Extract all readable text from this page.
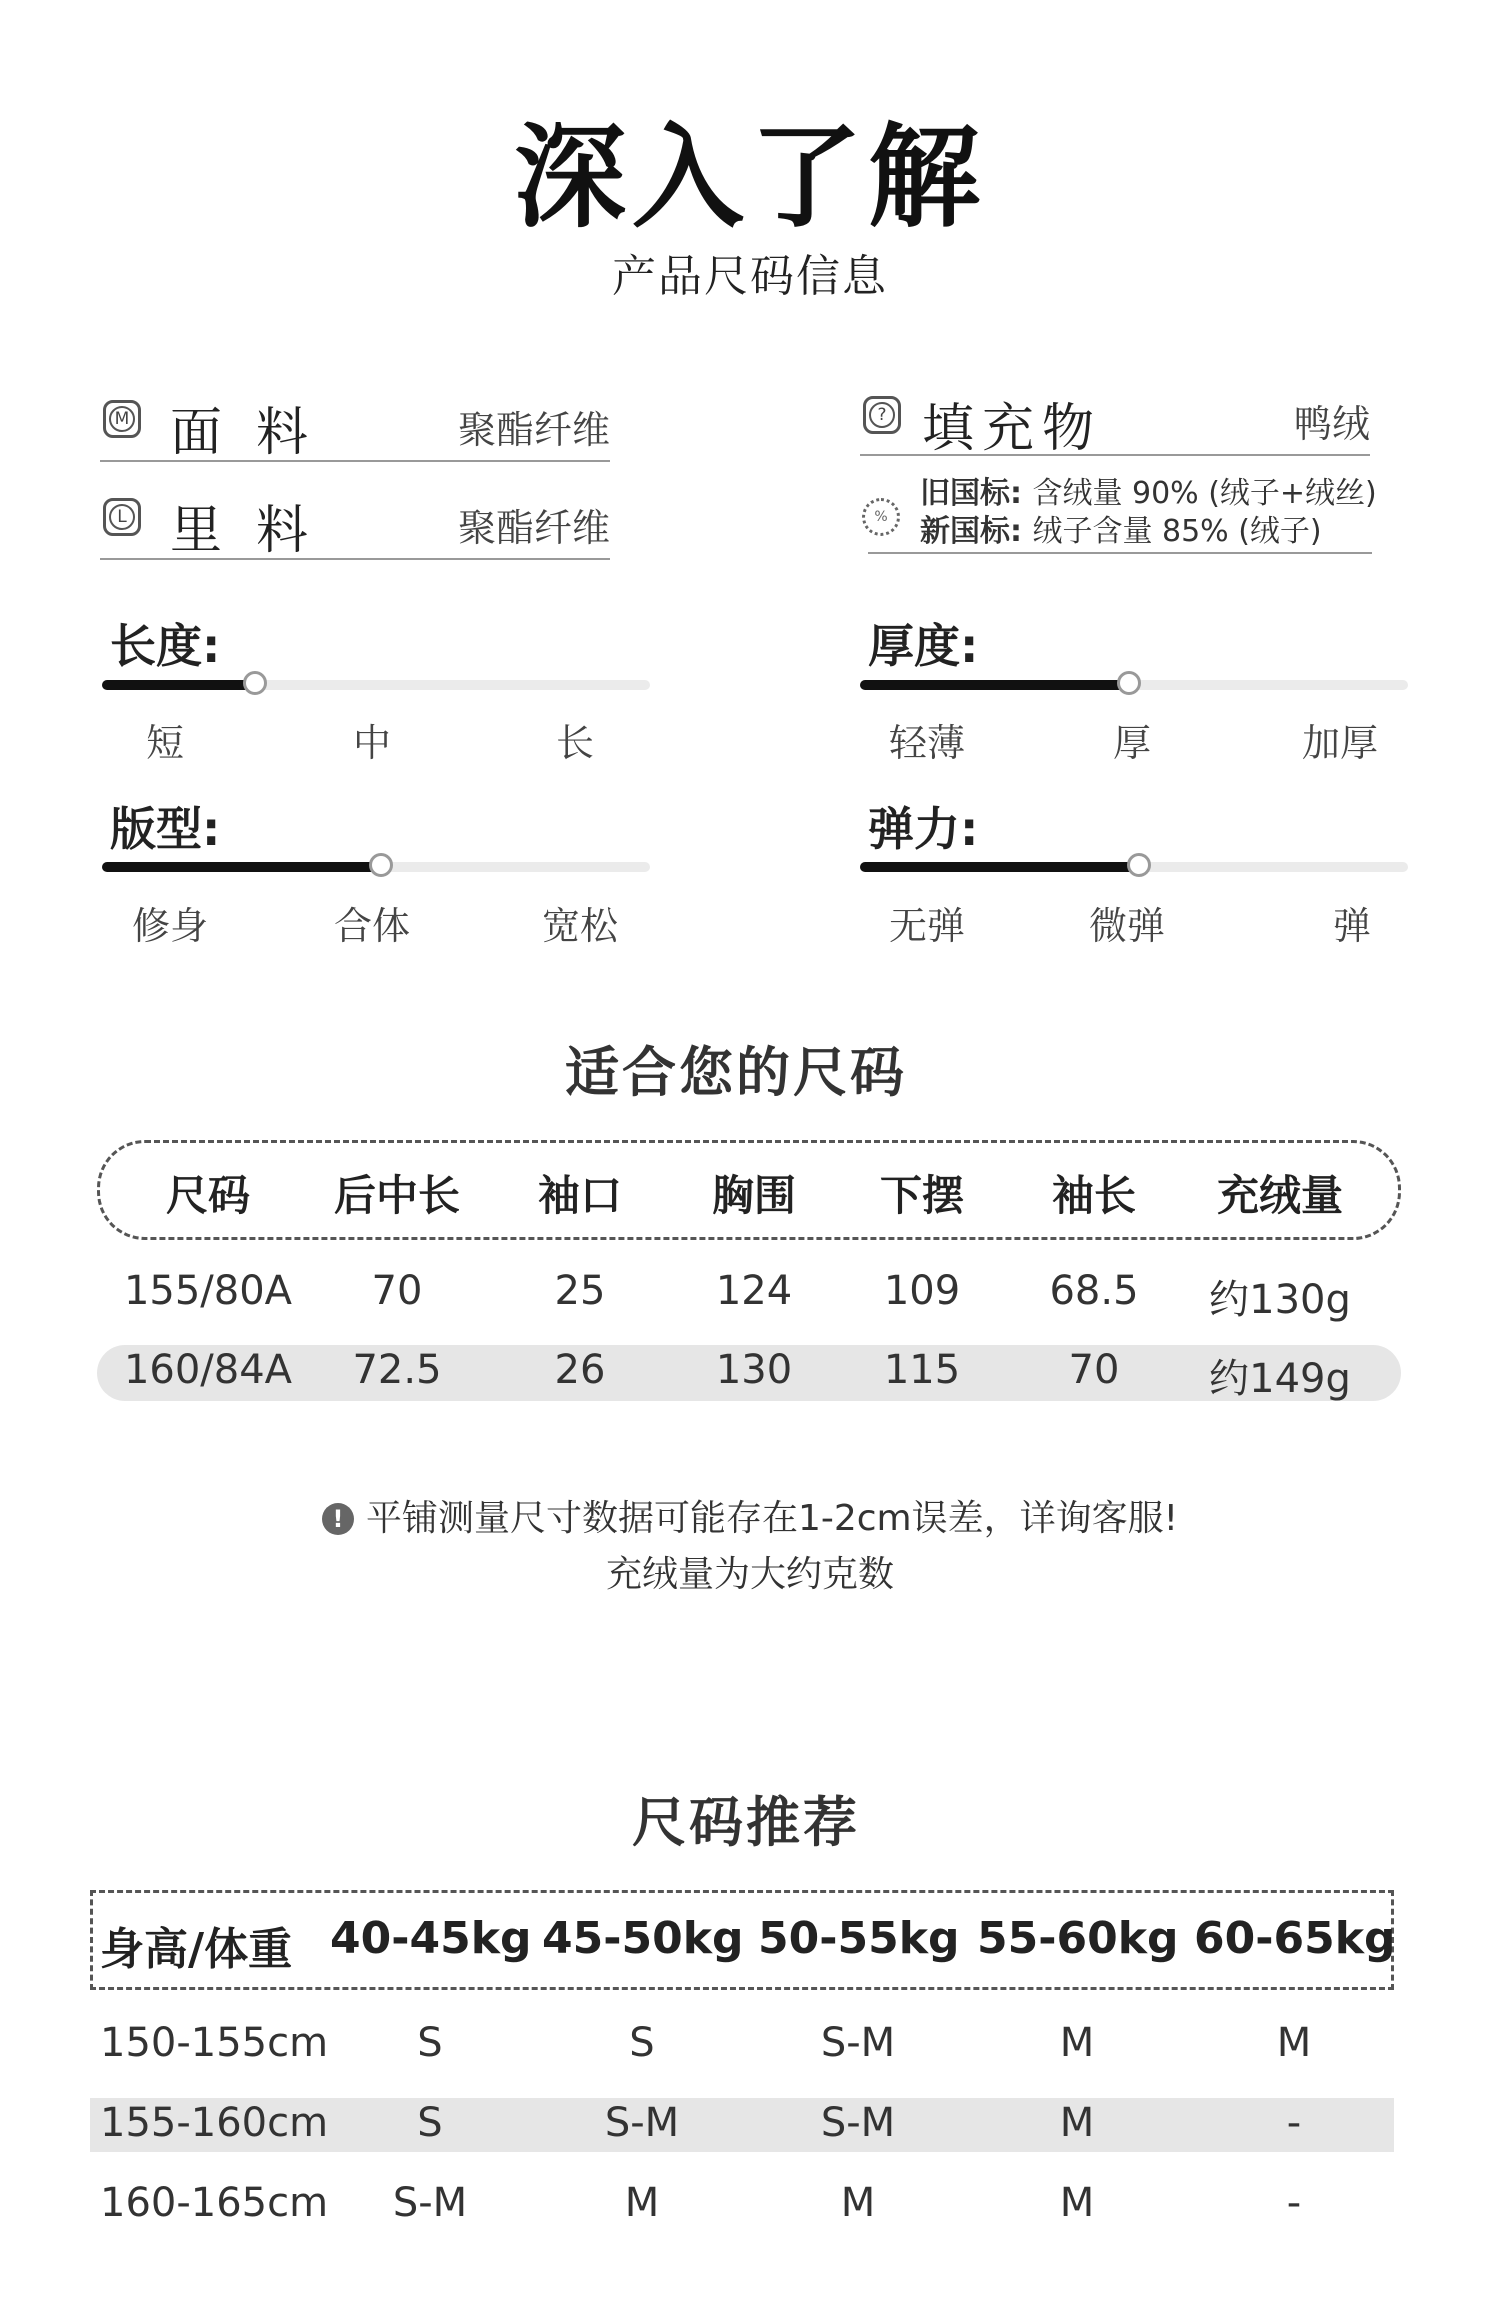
深入了解
产品尺码信息
M 面料	聚酯纤维
L 里料	聚酯纤维
? 填充物	鸭绒
%
旧国标: 含绒量 90% (绒子+绒丝)
新国标: 绒子含量 85% (绒子)
长度:
短	中	长
厚度:
轻薄	厚	加厚
版型:
修身	合体	宽松
弹力:
无弹	微弹	弹
适合您的尺码
尺码	后中长	袖口	胸围	下摆	袖长	充绒量
155/80A	70	25	124	109	68.5	约130g
160/84A	72.5	26	130	115	70	约149g
! 平铺测量尺寸数据可能存在1-2cm误差，详询客服!
充绒量为大约克数
尺码推荐
身高/体重 40-45kg 45-50kg 50-55kg 55-60kg 60-65kg
150-155cm	S	S	S-M	M	M
155-160cm	S	S-M	S-M	M	-
160-165cm	S-M	M	M	M	-
